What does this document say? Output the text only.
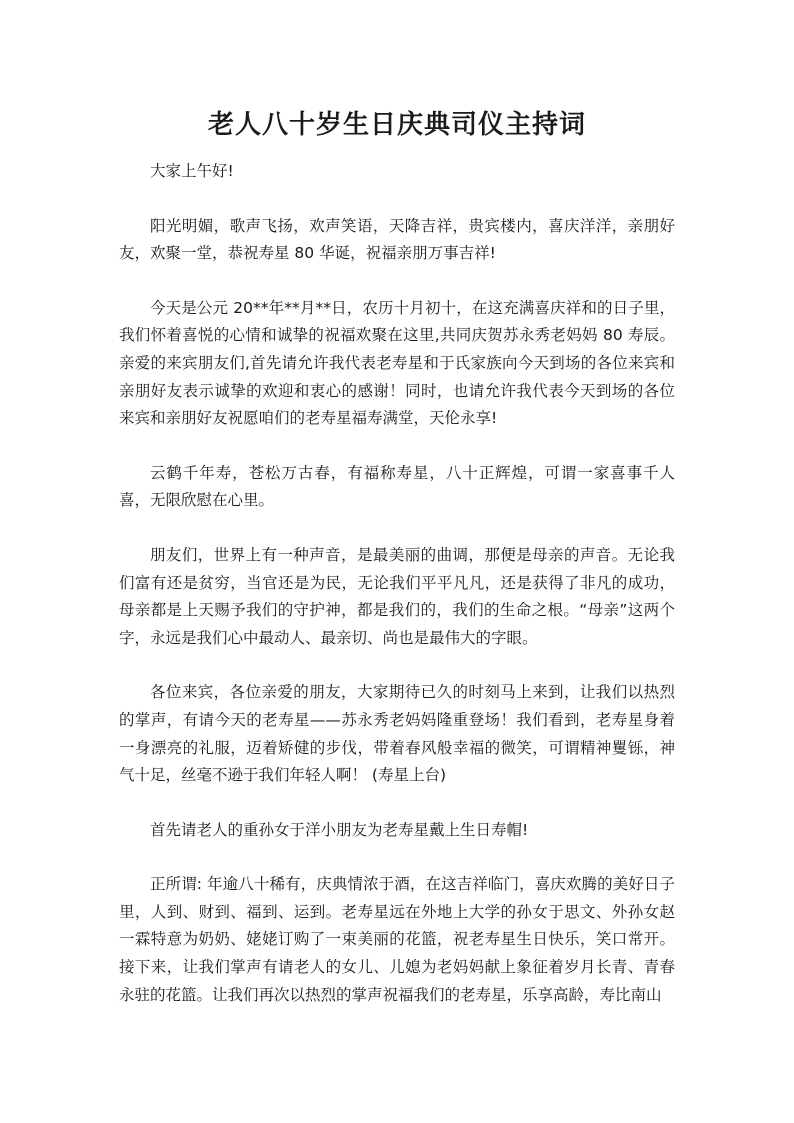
老人八十岁生日庆典司仪主持词

大家上午好!

阳光明媚，歌声飞扬，欢声笑语，天降吉祥，贵宾楼内，喜庆洋洋，亲朋好友，欢聚一堂，恭祝寿星 80 华诞，祝福亲朋万事吉祥!

今天是公元 20**年**月**日，农历十月初十，在这充满喜庆祥和的日子里，我们怀着喜悦的心情和诚挚的祝福欢聚在这里,共同庆贺苏永秀老妈妈 80 寿辰。亲爱的来宾朋友们,首先请允许我代表老寿星和于氏家族向今天到场的各位来宾和亲朋好友表示诚挚的欢迎和衷心的感谢！同时，也请允许我代表今天到场的各位来宾和亲朋好友祝愿咱们的老寿星福寿满堂，天伦永享!

云鹤千年寿，苍松万古春，有福称寿星，八十正辉煌，可谓一家喜事千人喜，无限欣慰在心里。

朋友们，世界上有一种声音，是最美丽的曲调，那便是母亲的声音。无论我们富有还是贫穷，当官还是为民，无论我们平平凡凡，还是获得了非凡的成功，母亲都是上天赐予我们的守护神，都是我们的，我们的生命之根。“母亲”这两个字，永远是我们心中最动人、最亲切、尚也是最伟大的字眼。

各位来宾，各位亲爱的朋友，大家期待已久的时刻马上来到，让我们以热烈的掌声，有请今天的老寿星——苏永秀老妈妈隆重登场！我们看到，老寿星身着一身漂亮的礼服，迈着矫健的步伐，带着春风般幸福的微笑，可谓精神矍铄，神气十足，丝毫不逊于我们年轻人啊！ (寿星上台)

首先请老人的重孙女于洋小朋友为老寿星戴上生日寿帽!

正所谓: 年逾八十稀有，庆典情浓于酒，在这吉祥临门，喜庆欢腾的美好日子里，人到、财到、福到、运到。老寿星远在外地上大学的孙女于思文、外孙女赵一霖特意为奶奶、姥姥订购了一束美丽的花篮，祝老寿星生日快乐，笑口常开。接下来，让我们掌声有请老人的女儿、儿媳为老妈妈献上象征着岁月长青、青春永驻的花篮。让我们再次以热烈的掌声祝福我们的老寿星，乐享高龄，寿比南山
